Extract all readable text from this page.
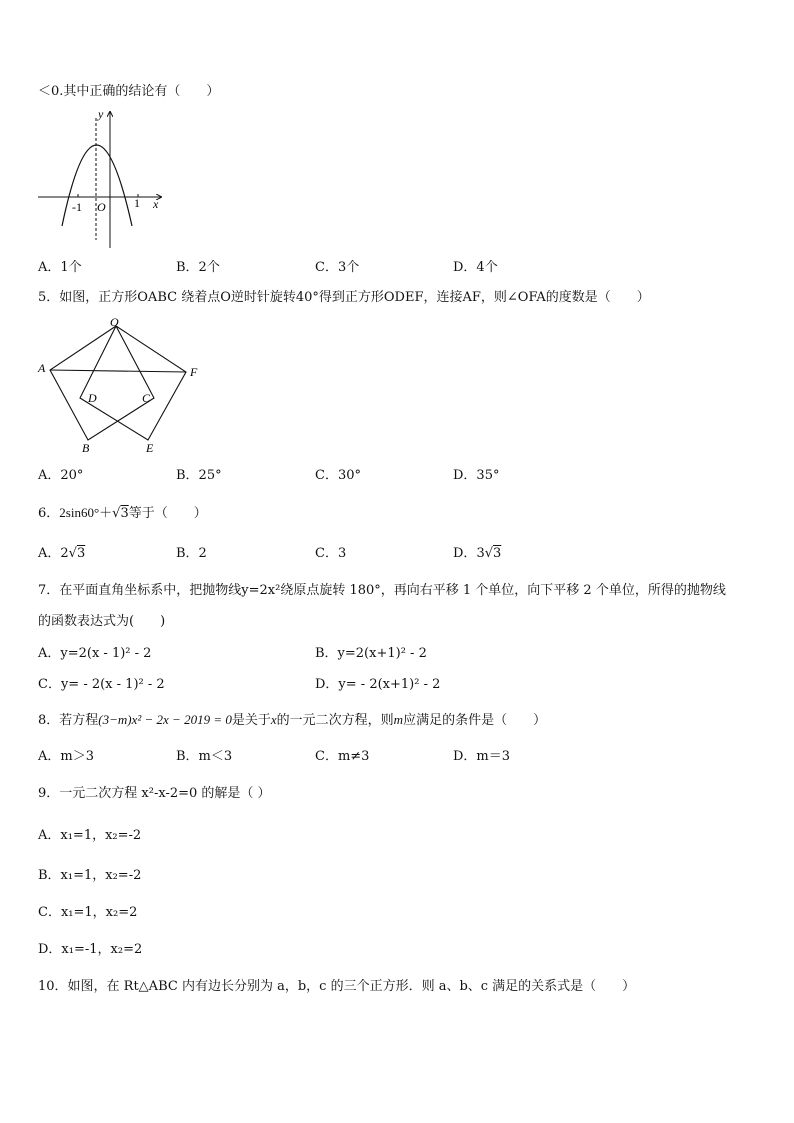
＜0.其中正确的结论有（　　）
y
x
-1 O 1
A．1个	B．2个	C．3个	D．4个
5．如图，正方形OABC 绕着点O逆时针旋转40°得到正方形ODEF，连接AF，则∠OFA的度数是（　　）
O
A	F
D	C
B	E
A．20°	B．25°	C．30°	D．35°
6．2sin60°＋√3等于（　　）
A．2√3	B．2	C．3	D．3√3
7．在平面直角坐标系中，把抛物线y=2x²绕原点旋转 180°，再向右平移 1 个单位，向下平移 2 个单位，所得的抛物线
的函数表达式为(　　)
A．y=2(x - 1)² - 2	B．y=2(x+1)² - 2
C．y= - 2(x - 1)² - 2	D．y= - 2(x+1)² - 2
8．若方程(3−m)x² − 2x − 2019 = 0是关于x的一元二次方程，则m应满足的条件是（　　）
A．m＞3	B．m＜3	C．m≠3	D．m＝3
9．一元二次方程 x²-x-2=0 的解是（ ）
A．x₁=1，x₂=-2
B．x₁=1，x₂=-2
C．x₁=1，x₂=2
D．x₁=-1，x₂=2
10．如图，在 Rt△ABC 内有边长分别为 a，b，c 的三个正方形．则 a、b、c 满足的关系式是（　　）
